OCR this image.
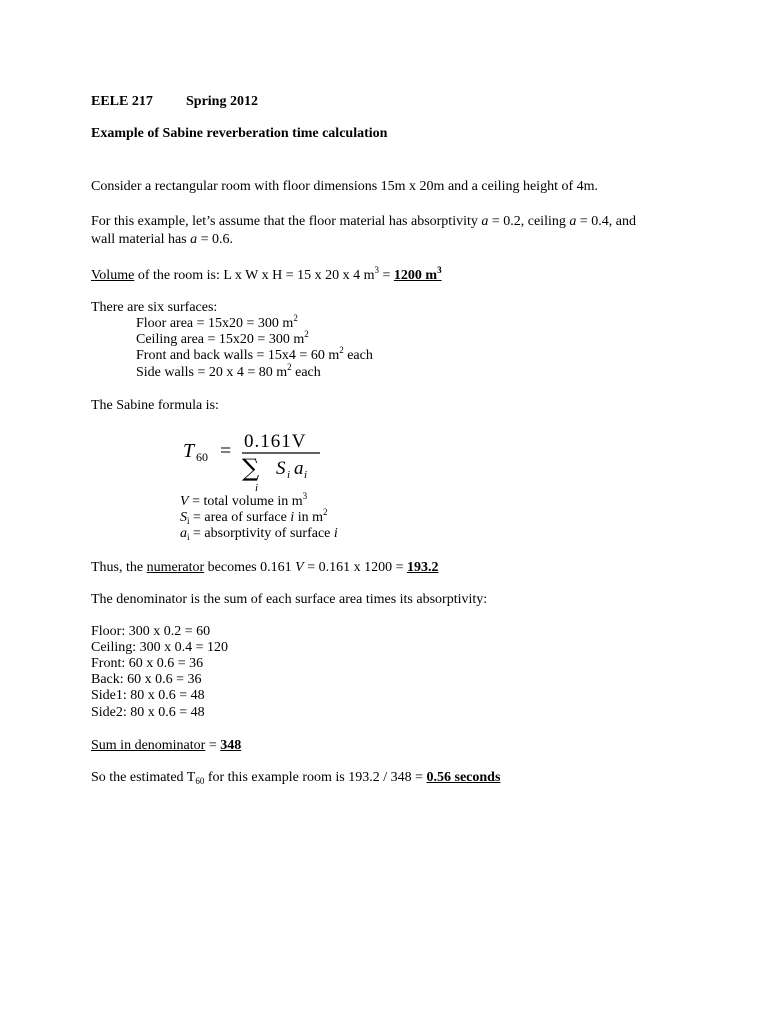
EELE 217 Spring 2012
Example of Sabine reverberation time calculation
Consider a rectangular room with floor dimensions 15m x 20m and a ceiling height of 4m.
For this example, let’s assume that the floor material has absorptivity a = 0.2, ceiling a = 0.4, and
wall material has a = 0.6.
Volume of the room is: L x W x H = 15 x 20 x 4 $m^3 = 1200$ $m^3$
There are six surfaces:
Floor area = 15x20 = 300 $m^2$
Ceiling area = 15x20 = 300 $m^2$
Front and back walls = 15x4 = 60 $m^2$ each
Side walls = 20 x 4 = 80 $m^2$ each
The Sabine formula is:
T 60 = 0.161V
∑ S i a i
i
V = total volume in $m^3$
$S_i$ = area of surface i in $m^2$
$a_i$ = absorptivity of surface i
Thus, the numerator becomes 0.161 V = 0.161 x 1200 = 193.2
The denominator is the sum of each surface area times its absorptivity:
Floor: 300 x 0.2 = 60
Ceiling: 300 x 0.4 = 120
Front: 60 x 0.6 = 36
Back: 60 x 0.6 = 36
Side1: 80 x 0.6 = 48
Side2: 80 x 0.6 = 48
Sum in denominator = 348
So the estimated $T_{60}$ for this example room is 193.2 / 348 = 0.56 seconds
